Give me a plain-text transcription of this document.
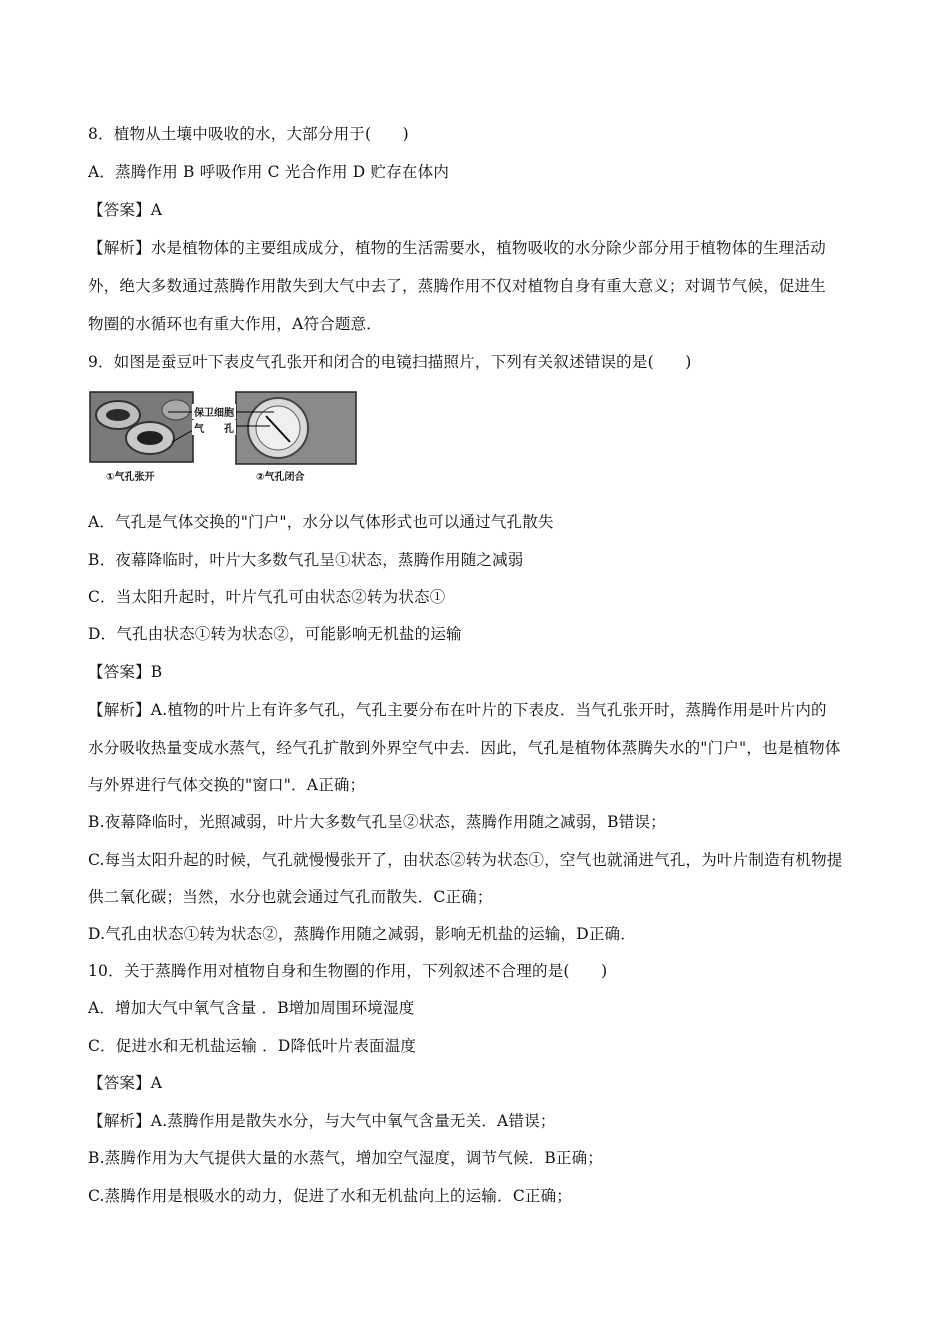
8．植物从土壤中吸收的水，大部分用于(　　)
A．蒸腾作用 B 呼吸作用 C 光合作用 D 贮存在体内
【答案】A
【解析】水是植物体的主要组成成分，植物的生活需要水，植物吸收的水分除少部分用于植物体的生理活动
外，绝大多数通过蒸腾作用散失到大气中去了，蒸腾作用不仅对植物自身有重大意义；对调节气候，促进生
物圈的水循环也有重大作用，A符合题意．
9．如图是蚕豆叶下表皮气孔张开和闭合的电镜扫描照片，下列有关叙述错误的是(　　)
保卫细胞
气　　孔
①气孔张开	②气孔闭合
A．气孔是气体交换的"门户"，水分以气体形式也可以通过气孔散失
B．夜幕降临时，叶片大多数气孔呈①状态，蒸腾作用随之减弱
C．当太阳升起时，叶片气孔可由状态②转为状态①
D．气孔由状态①转为状态②，可能影响无机盐的运输
【答案】B
【解析】A.植物的叶片上有许多气孔，气孔主要分布在叶片的下表皮．当气孔张开时，蒸腾作用是叶片内的
水分吸收热量变成水蒸气，经气孔扩散到外界空气中去．因此，气孔是植物体蒸腾失水的"门户"，也是植物体
与外界进行气体交换的"窗口"．A正确；
B.夜幕降临时，光照减弱，叶片大多数气孔呈②状态，蒸腾作用随之减弱，B错误；
C.每当太阳升起的时候，气孔就慢慢张开了，由状态②转为状态①，空气也就涌进气孔，为叶片制造有机物提
供二氧化碳；当然，水分也就会通过气孔而散失．C正确；
D.气孔由状态①转为状态②，蒸腾作用随之减弱，影响无机盐的运输，D正确．
10．关于蒸腾作用对植物自身和生物圈的作用，下列叙述不合理的是(　　)
A．增加大气中氧气含量 ．B增加周围环境湿度
C．促进水和无机盐运输 ．D降低叶片表面温度
【答案】A
【解析】A.蒸腾作用是散失水分，与大气中氧气含量无关．A错误；
B.蒸腾作用为大气提供大量的水蒸气，增加空气湿度，调节气候．B正确；
C.蒸腾作用是根吸水的动力，促进了水和无机盐向上的运输．C正确；
